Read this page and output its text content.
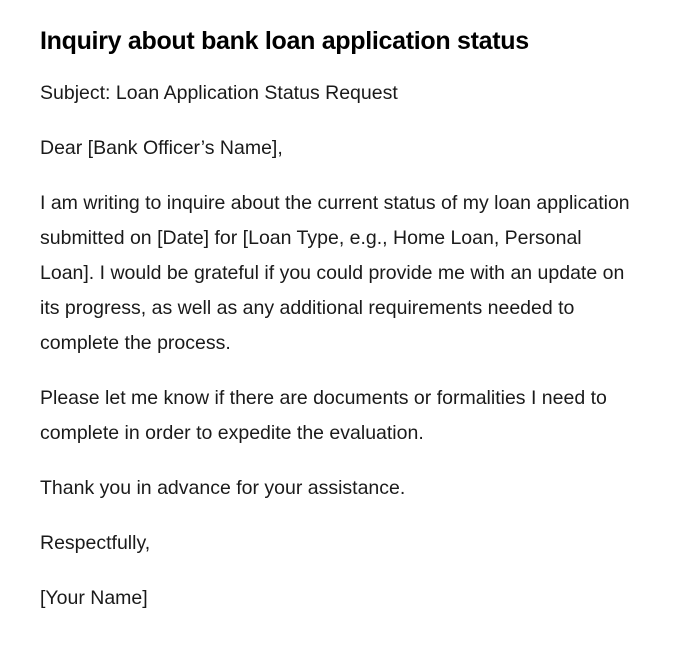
Inquiry about bank loan application status

Subject: Loan Application Status Request

Dear [Bank Officer’s Name],

I am writing to inquire about the current status of my loan application submitted on [Date] for [Loan Type, e.g., Home Loan, Personal Loan]. I would be grateful if you could provide me with an update on its progress, as well as any additional requirements needed to complete the process.

Please let me know if there are documents or formalities I need to complete in order to expedite the evaluation.

Thank you in advance for your assistance.

Respectfully,

[Your Name]
